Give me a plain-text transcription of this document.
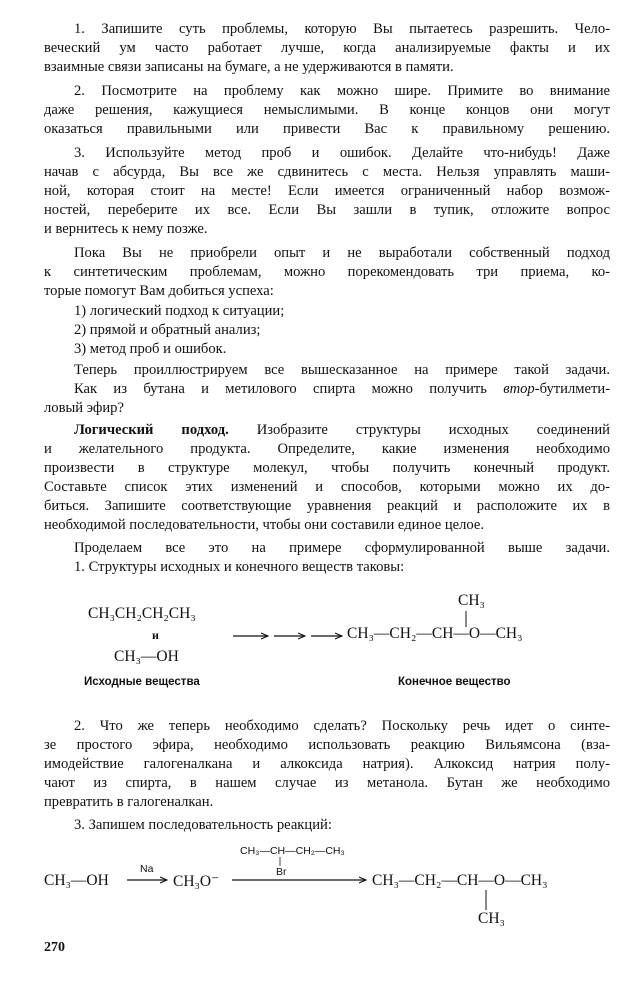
1. Запишите суть проблемы, которую Вы пытаетесь разрешить. Чело-
веческий ум часто работает лучше, когда анализируемые факты и их
взаимные связи записаны на бумаге, а не удерживаются в памяти.
2. Посмотрите на проблему как можно шире. Примите во внимание
даже решения, кажущиеся немыслимыми. В конце концов они могут
оказаться правильными или привести Вас к правильному решению.
3. Используйте метод проб и ошибок. Делайте что-нибудь! Даже
начав с абсурда, Вы все же сдвинитесь с места. Нельзя управлять маши-
ной, которая стоит на месте! Если имеется ограниченный набор возмож-
ностей, переберите их все. Если Вы зашли в тупик, отложите вопрос
и вернитесь к нему позже.
Пока Вы не приобрели опыт и не выработали собственный подход
к синтетическим проблемам, можно порекомендовать три приема, ко-
торые помогут Вам добиться успеха:
1) логический подход к ситуации;
2) прямой и обратный анализ;
3) метод проб и ошибок.
Теперь проиллюстрируем все вышесказанное на примере такой задачи.
Как из бутана и метилового спирта можно получить втор-бутилмети-
ловый эфир?
Логический подход. Изобразите структуры исходных соединений
и желательного продукта. Определите, какие изменения необходимо
произвести в структуре молекул, чтобы получить конечный продукт.
Составьте список этих изменений и способов, которыми можно их до-
биться. Запишите соответствующие уравнения реакций и расположите их в
необходимой последовательности, чтобы они составили единое целое.
Проделаем все это на примере сформулированной выше задачи.
1. Структуры исходных и конечного веществ таковы:
CH₃CH₂CH₂CH₃
и
CH₃—OH
CH₃
CH₃—CH₂—CH—O—CH₃
Исходные вещества	Конечное вещество
2. Что же теперь необходимо сделать? Поскольку речь идет о синте-
зе простого эфира, необходимо использовать реакцию Вильямсона (вза-
имодействие галогеналкана и алкоксида натрия). Алкоксид натрия полу-
чают из спирта, в нашем случае из метанола. Бутан же необходимо
превратить в галогеналкан.
3. Запишем последовательность реакций:
CH₃—OH
Na
CH₃O⁻
CH₃—CH—CH₂—CH₃
Br	CH₃—CH₂—CH—O—CH₃
CH₃
270
